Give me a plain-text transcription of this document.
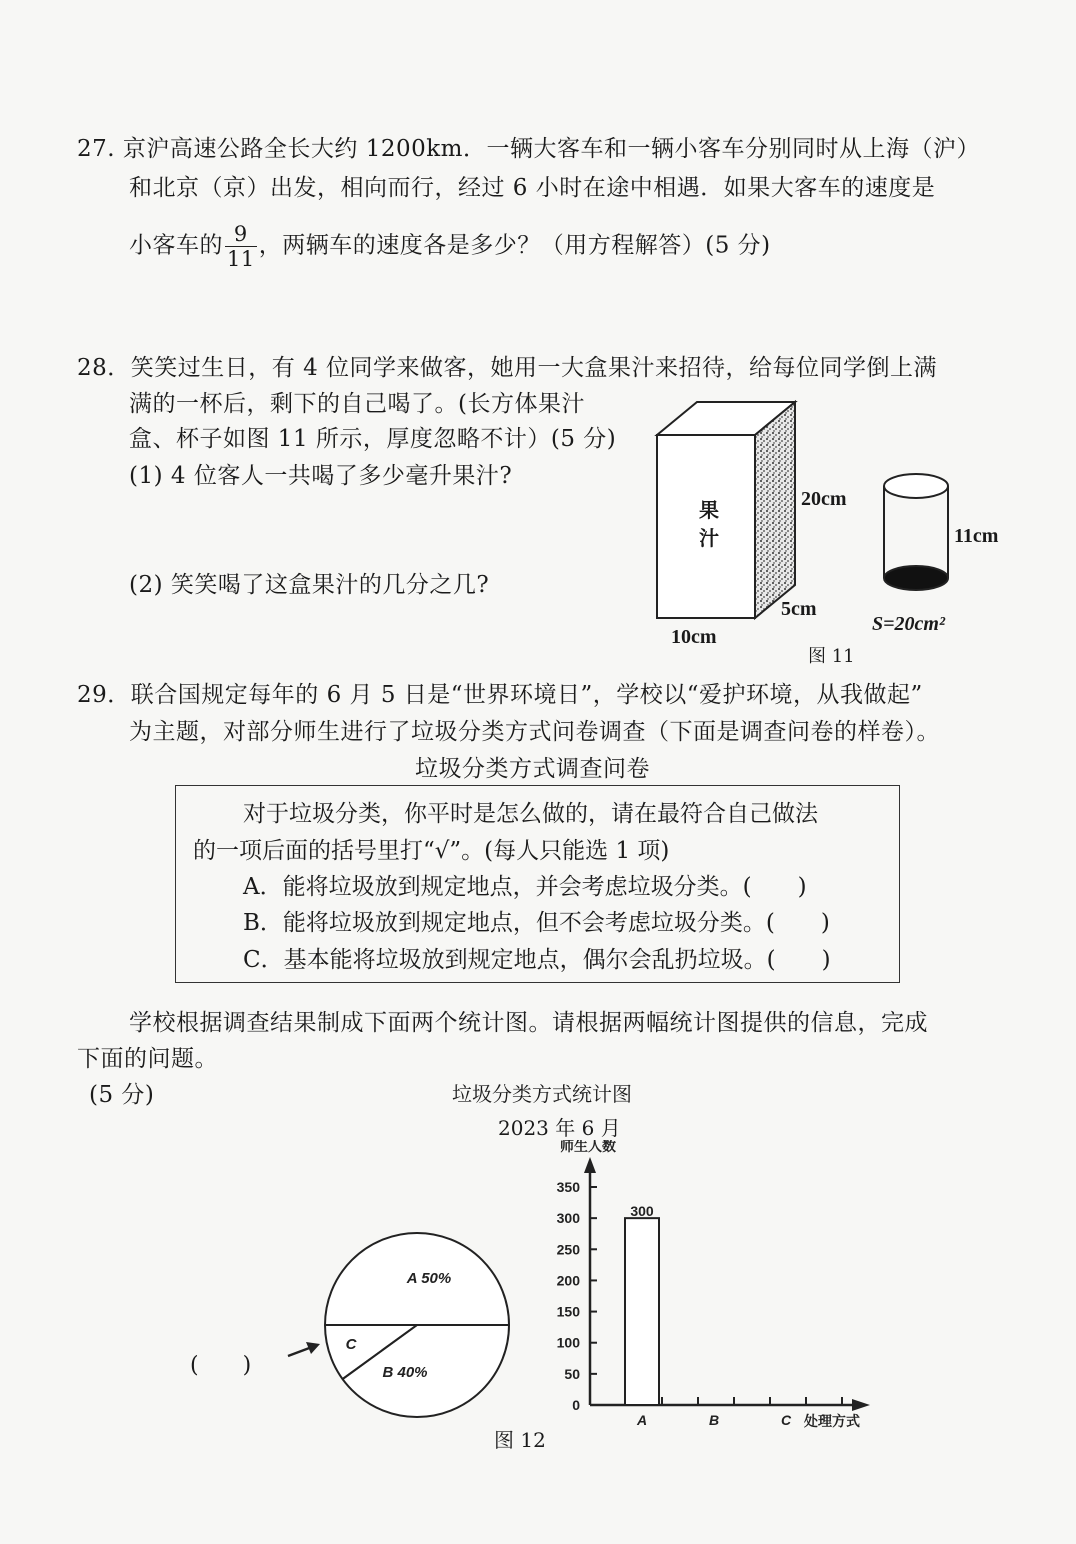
27. 京沪高速公路全长大约 1200km．一辆大客车和一辆小客车分别同时从上海（沪）
和北京（京）出发，相向而行，经过 6 小时在途中相遇．如果大客车的速度是
小客车的 $\frac{9}{11}$ ，两辆车的速度各是多少？（用方程解答）(5 分)
28．笑笑过生日，有 4 位同学来做客，她用一大盒果汁来招待，给每位同学倒上满
满的一杯后，剩下的自己喝了。(长方体果汁
盒、杯子如图 11 所示，厚度忽略不计）(5 分)
(1) 4 位客人一共喝了多少毫升果汁?
(2) 笑笑喝了这盒果汁的几分之几?
果
汁
20cm
5cm
10cm
11cm
S=20cm²
图 11
29．联合国规定每年的 6 月 5 日是“世界环境日”，学校以“爱护环境，从我做起”
为主题，对部分师生进行了垃圾分类方式问卷调查（下面是调查问卷的样卷）。
垃圾分类方式调查问卷
对于垃圾分类，你平时是怎么做的，请在最符合自己做法
的一项后面的括号里打“√”。(每人只能选 1 项)
A．能将垃圾放到规定地点，并会考虑垃圾分类。(　　)
B．能将垃圾放到规定地点，但不会考虑垃圾分类。(　　)
C．基本能将垃圾放到规定地点，偶尔会乱扔垃圾。(　　)
学校根据调查结果制成下面两个统计图。请根据两幅统计图提供的信息，完成
下面的问题。
(5 分)	垃圾分类方式统计图
2023 年 6 月
A 50%
B 40%
C
(　　)
师生人数
0
50
100
150
200
250
300
350
300
A	B	C 处理方式
图 12
